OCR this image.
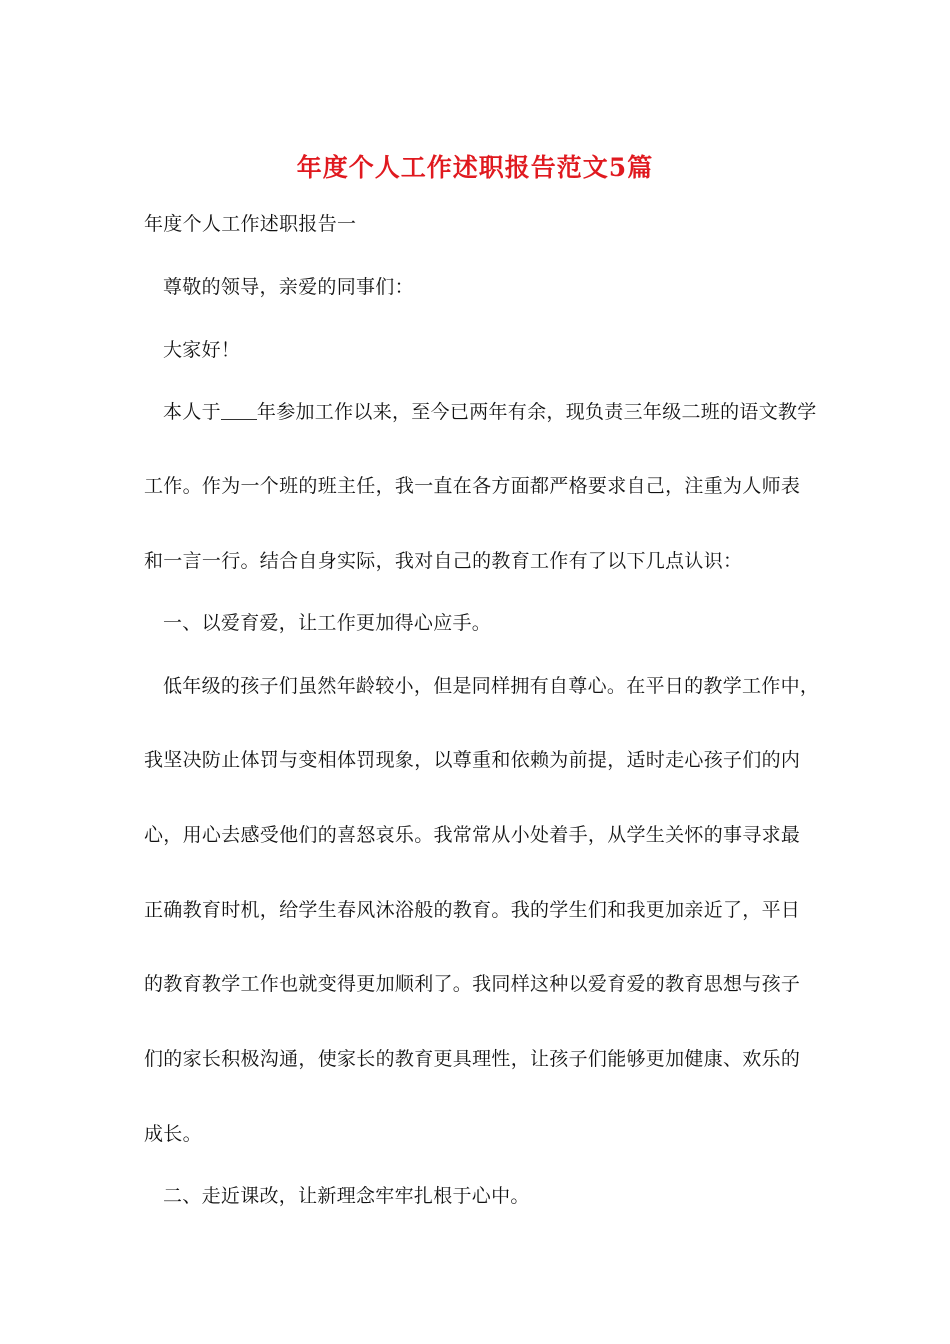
年度个人工作述职报告范文5篇
年度个人工作述职报告一
尊敬的领导，亲爱的同事们：
大家好！
本人于 年参加工作以来，至今已两年有余，现负责三年级二班的语文教学
工作。作为一个班的班主任，我一直在各方面都严格要求自己，注重为人师表
和一言一行。结合自身实际，我对自己的教育工作有了以下几点认识：
一、以爱育爱，让工作更加得心应手。
低年级的孩子们虽然年龄较小，但是同样拥有自尊心。在平日的教学工作中，
我坚决防止体罚与变相体罚现象，以尊重和依赖为前提，适时走心孩子们的内
心，用心去感受他们的喜怒哀乐。我常常从小处着手，从学生关怀的事寻求最
正确教育时机，给学生春风沐浴般的教育。我的学生们和我更加亲近了，平日
的教育教学工作也就变得更加顺利了。我同样这种以爱育爱的教育思想与孩子
们的家长积极沟通，使家长的教育更具理性，让孩子们能够更加健康、欢乐的
成长。
二、走近课改，让新理念牢牢扎根于心中。
